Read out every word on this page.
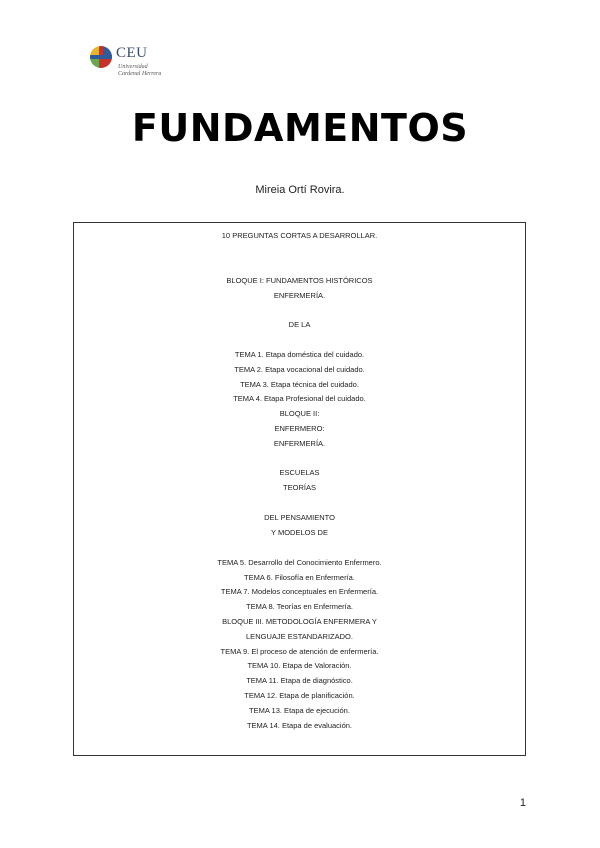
CEU
Universidad
Cardenal Herrera
FUNDAMENTOS
Mireia Ortí Rovira.
10 PREGUNTAS CORTAS A DESARROLLAR.
BLOQUE I: FUNDAMENTOS HISTÓRICOS
ENFERMERÍA.
DE LA
TEMA 1. Etapa doméstica del cuidado.
TEMA 2. Etapa vocacional del cuidado.
TEMA 3. Etapa técnica del cuidado.
TEMA 4. Etapa Profesional del cuidado.
BLOQUE II:
ENFERMERO:
ENFERMERÍA.
ESCUELAS
TEORÍAS
DEL PENSAMIENTO
Y MODELOS DE
TEMA 5. Desarrollo del Conocimiento Enfermero.
TEMA 6. Filosofía en Enfermería.
TEMA 7. Modelos conceptuales en Enfermería.
TEMA 8. Teorías en Enfermería.
BLOQUE III. METODOLOGÍA ENFERMERA Y
LENGUAJE ESTANDARIZADO.
TEMA 9. El proceso de atención de enfermería.
TEMA 10. Etapa de Valoración.
TEMA 11. Etapa de diagnóstico.
TEMA 12. Etapa de planificación.
TEMA 13. Etapa de ejecución.
TEMA 14. Etapa de evaluación.
1
